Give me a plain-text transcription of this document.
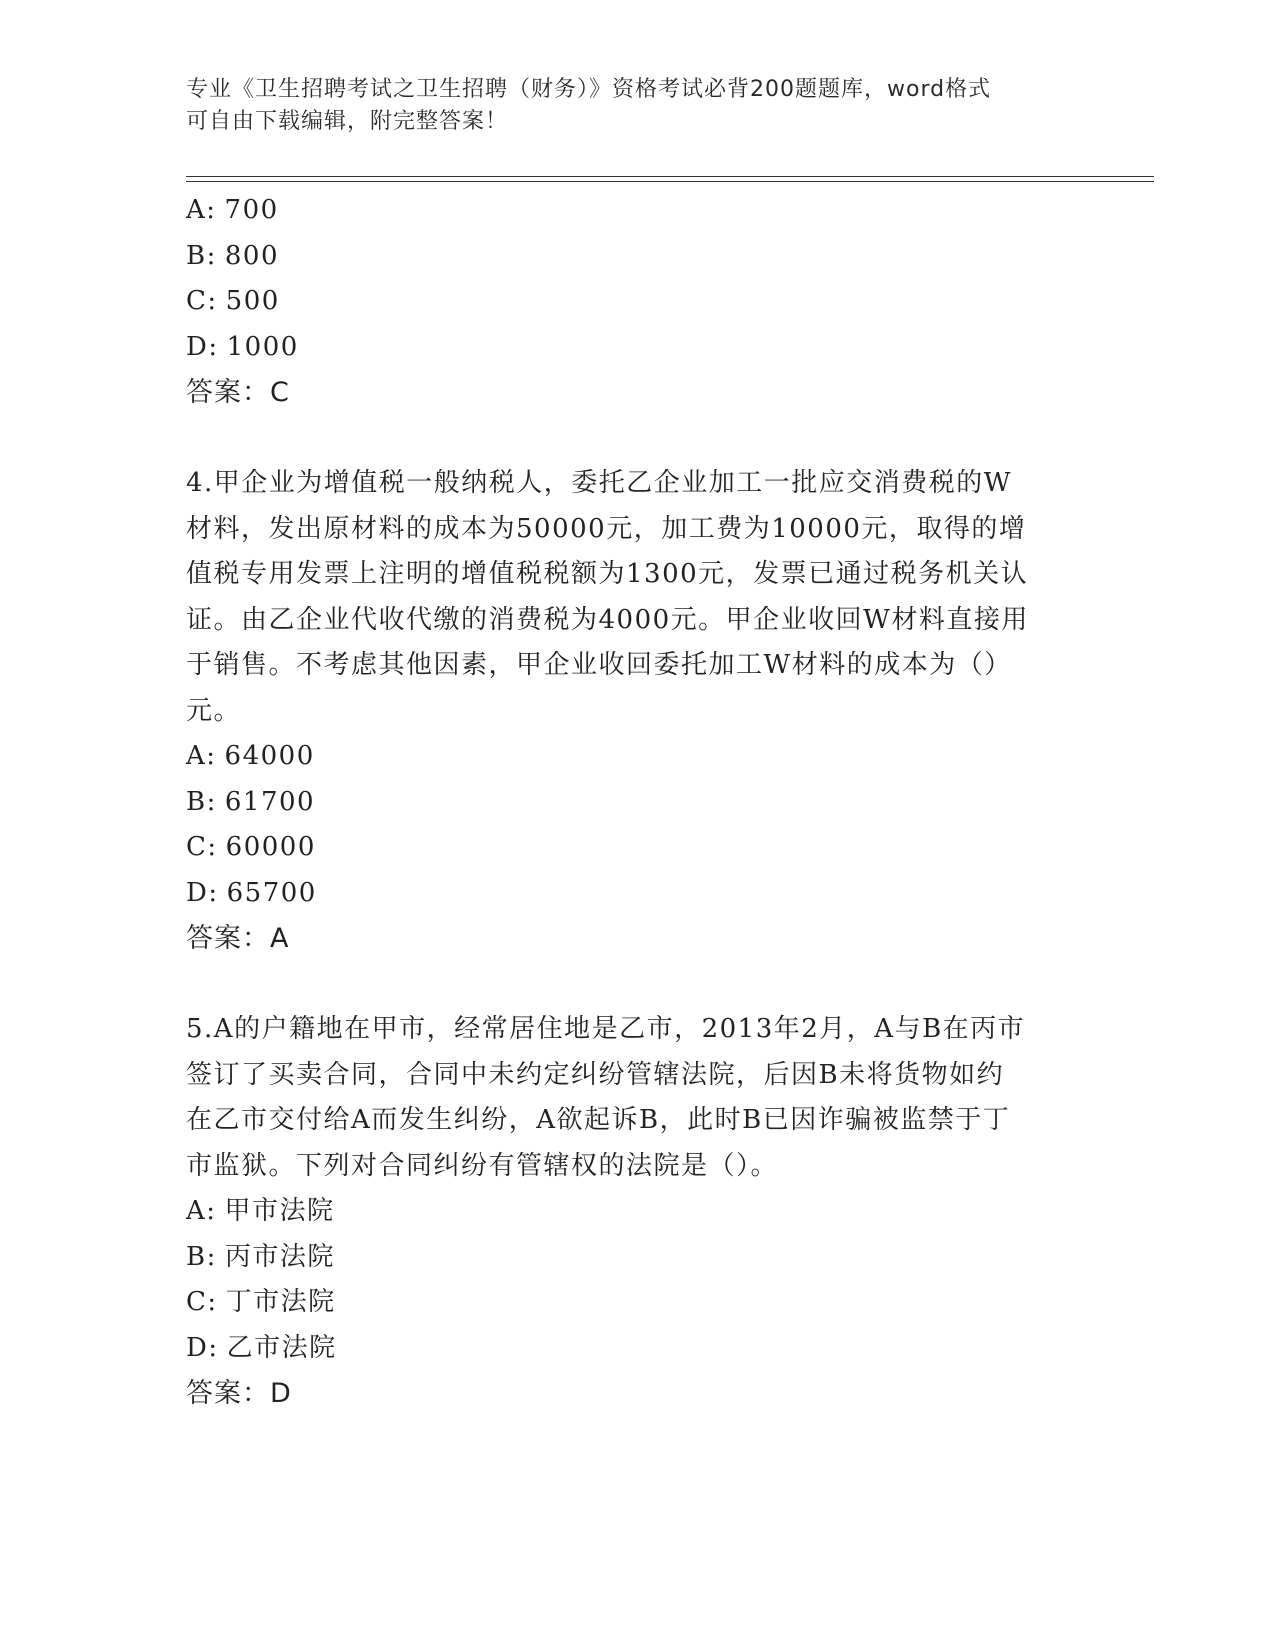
专业《卫生招聘考试之卫生招聘（财务）》资格考试必背200题题库，word格式
可自由下载编辑，附完整答案！
A: 700
B: 800
C: 500
D: 1000
答案：C
4.甲企业为增值税一般纳税人，委托乙企业加工一批应交消费税的W
材料，发出原材料的成本为50000元，加工费为10000元，取得的增
值税专用发票上注明的增值税税额为1300元，发票已通过税务机关认
证。由乙企业代收代缴的消费税为4000元。甲企业收回W材料直接用
于销售。不考虑其他因素，甲企业收回委托加工W材料的成本为（）
元。
A: 64000
B: 61700
C: 60000
D: 65700
答案：A
5.A的户籍地在甲市，经常居住地是乙市，2013年2月，A与B在丙市
签订了买卖合同，合同中未约定纠纷管辖法院，后因B未将货物如约
在乙市交付给A而发生纠纷，A欲起诉B，此时B已因诈骗被监禁于丁
市监狱。下列对合同纠纷有管辖权的法院是（）。
A: 甲市法院
B: 丙市法院
C: 丁市法院
D: 乙市法院
答案：D
